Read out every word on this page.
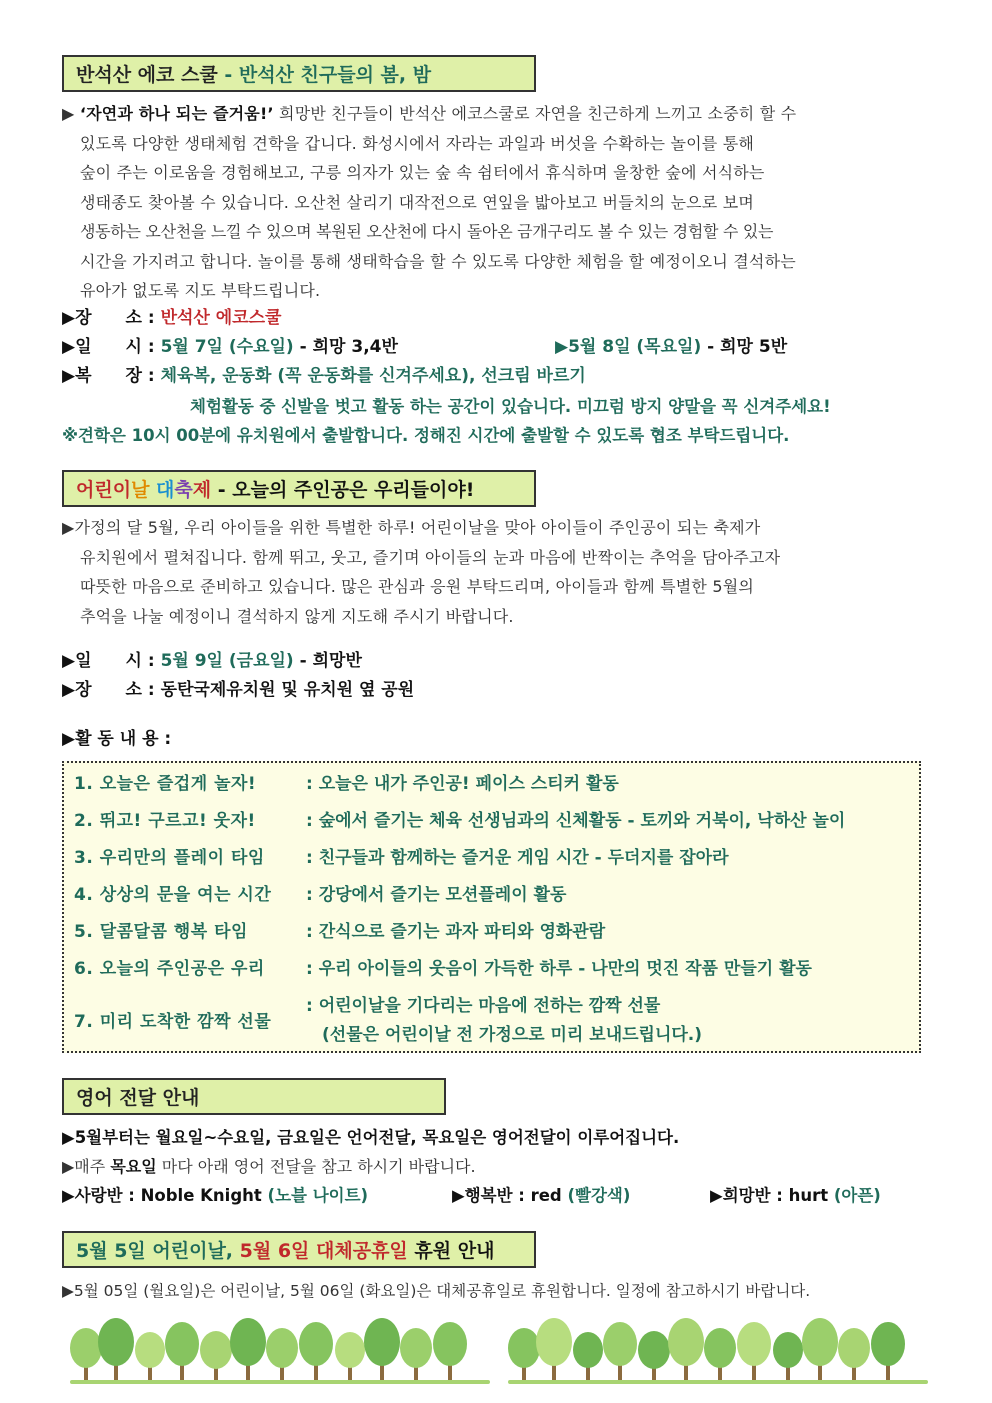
반석산 에코 스쿨 - 반석산 친구들의 봄, 밤
▶ ‘자연과 하나 되는 즐거움!’ 희망반 친구들이 반석산 에코스쿨로 자연을 친근하게 느끼고 소중히 할 수
있도록 다양한 생태체험 견학을 갑니다. 화성시에서 자라는 과일과 버섯을 수확하는 놀이를 통해
숲이 주는 이로움을 경험해보고, 구릉 의자가 있는 숲 속 쉼터에서 휴식하며 울창한 숲에 서식하는
생태종도 찾아볼 수 있습니다. 오산천 살리기 대작전으로 연잎을 밟아보고 버들치의 눈으로 보며
생동하는 오산천을 느낄 수 있으며 복원된 오산천에 다시 돌아온 금개구리도 볼 수 있는 경험할 수 있는
시간을 가지려고 합니다. 놀이를 통해 생태학습을 할 수 있도록 다양한 체험을 할 예정이오니 결석하는
유아가 없도록 지도 부탁드립니다.
▶장　　소 : 반석산 에코스쿨
▶일　　시 : 5월 7일 (수요일) - 희망 3,4반	▶5월 8일 (목요일) - 희망 5반
▶복　　장 : 체육복, 운동화 (꼭 운동화를 신겨주세요), 선크림 바르기
체험활동 중 신발을 벗고 활동 하는 공간이 있습니다. 미끄럼 방지 양말을 꼭 신겨주세요!
※견학은 10시 00분에 유치원에서 출발합니다. 정해진 시간에 출발할 수 있도록 협조 부탁드립니다.
어린이날 대축제 - 오늘의 주인공은 우리들이야!
▶가정의 달 5월, 우리 아이들을 위한 특별한 하루! 어린이날을 맞아 아이들이 주인공이 되는 축제가
유치원에서 펼쳐집니다. 함께 뛰고, 웃고, 즐기며 아이들의 눈과 마음에 반짝이는 추억을 담아주고자
따뜻한 마음으로 준비하고 있습니다. 많은 관심과 응원 부탁드리며, 아이들과 함께 특별한 5월의
추억을 나눌 예정이니 결석하지 않게 지도해 주시기 바랍니다.
▶일　　시 : 5월 9일 (금요일) - 희망반
▶장　　소 : 동탄국제유치원 및 유치원 옆 공원
▶활 동 내 용 :
1. 오늘은 즐겁게 놀자!	: 오늘은 내가 주인공! 페이스 스티커 활동
2. 뛰고! 구르고! 웃자!	: 숲에서 즐기는 체육 선생님과의 신체활동 - 토끼와 거북이, 낙하산 놀이
3. 우리만의 플레이 타임 : 친구들과 함께하는 즐거운 게임 시간 - 두더지를 잡아라
4. 상상의 문을 여는 시간 : 강당에서 즐기는 모션플레이 활동
5. 달콤달콤 행복 타임	: 간식으로 즐기는 과자 파티와 영화관람
6. 오늘의 주인공은 우리 : 우리 아이들의 웃음이 가득한 하루 - 나만의 멋진 작품 만들기 활동
7. 미리 도착한 깜짝 선물
: 어린이날을 기다리는 마음에 전하는 깜짝 선물
(선물은 어린이날 전 가정으로 미리 보내드립니다.)
영어 전달 안내
▶5월부터는 월요일~수요일, 금요일은 언어전달, 목요일은 영어전달이 이루어집니다.
▶매주 목요일 마다 아래 영어 전달을 참고 하시기 바랍니다.
▶사랑반 : Noble Knight (노블 나이트)	▶행복반 : red (빨강색)	▶희망반 : hurt (아픈)
5월 5일 어린이날, 5월 6일 대체공휴일 휴원 안내
▶5월 05일 (월요일)은 어린이날, 5월 06일 (화요일)은 대체공휴일로 휴원합니다. 일정에 참고하시기 바랍니다.
